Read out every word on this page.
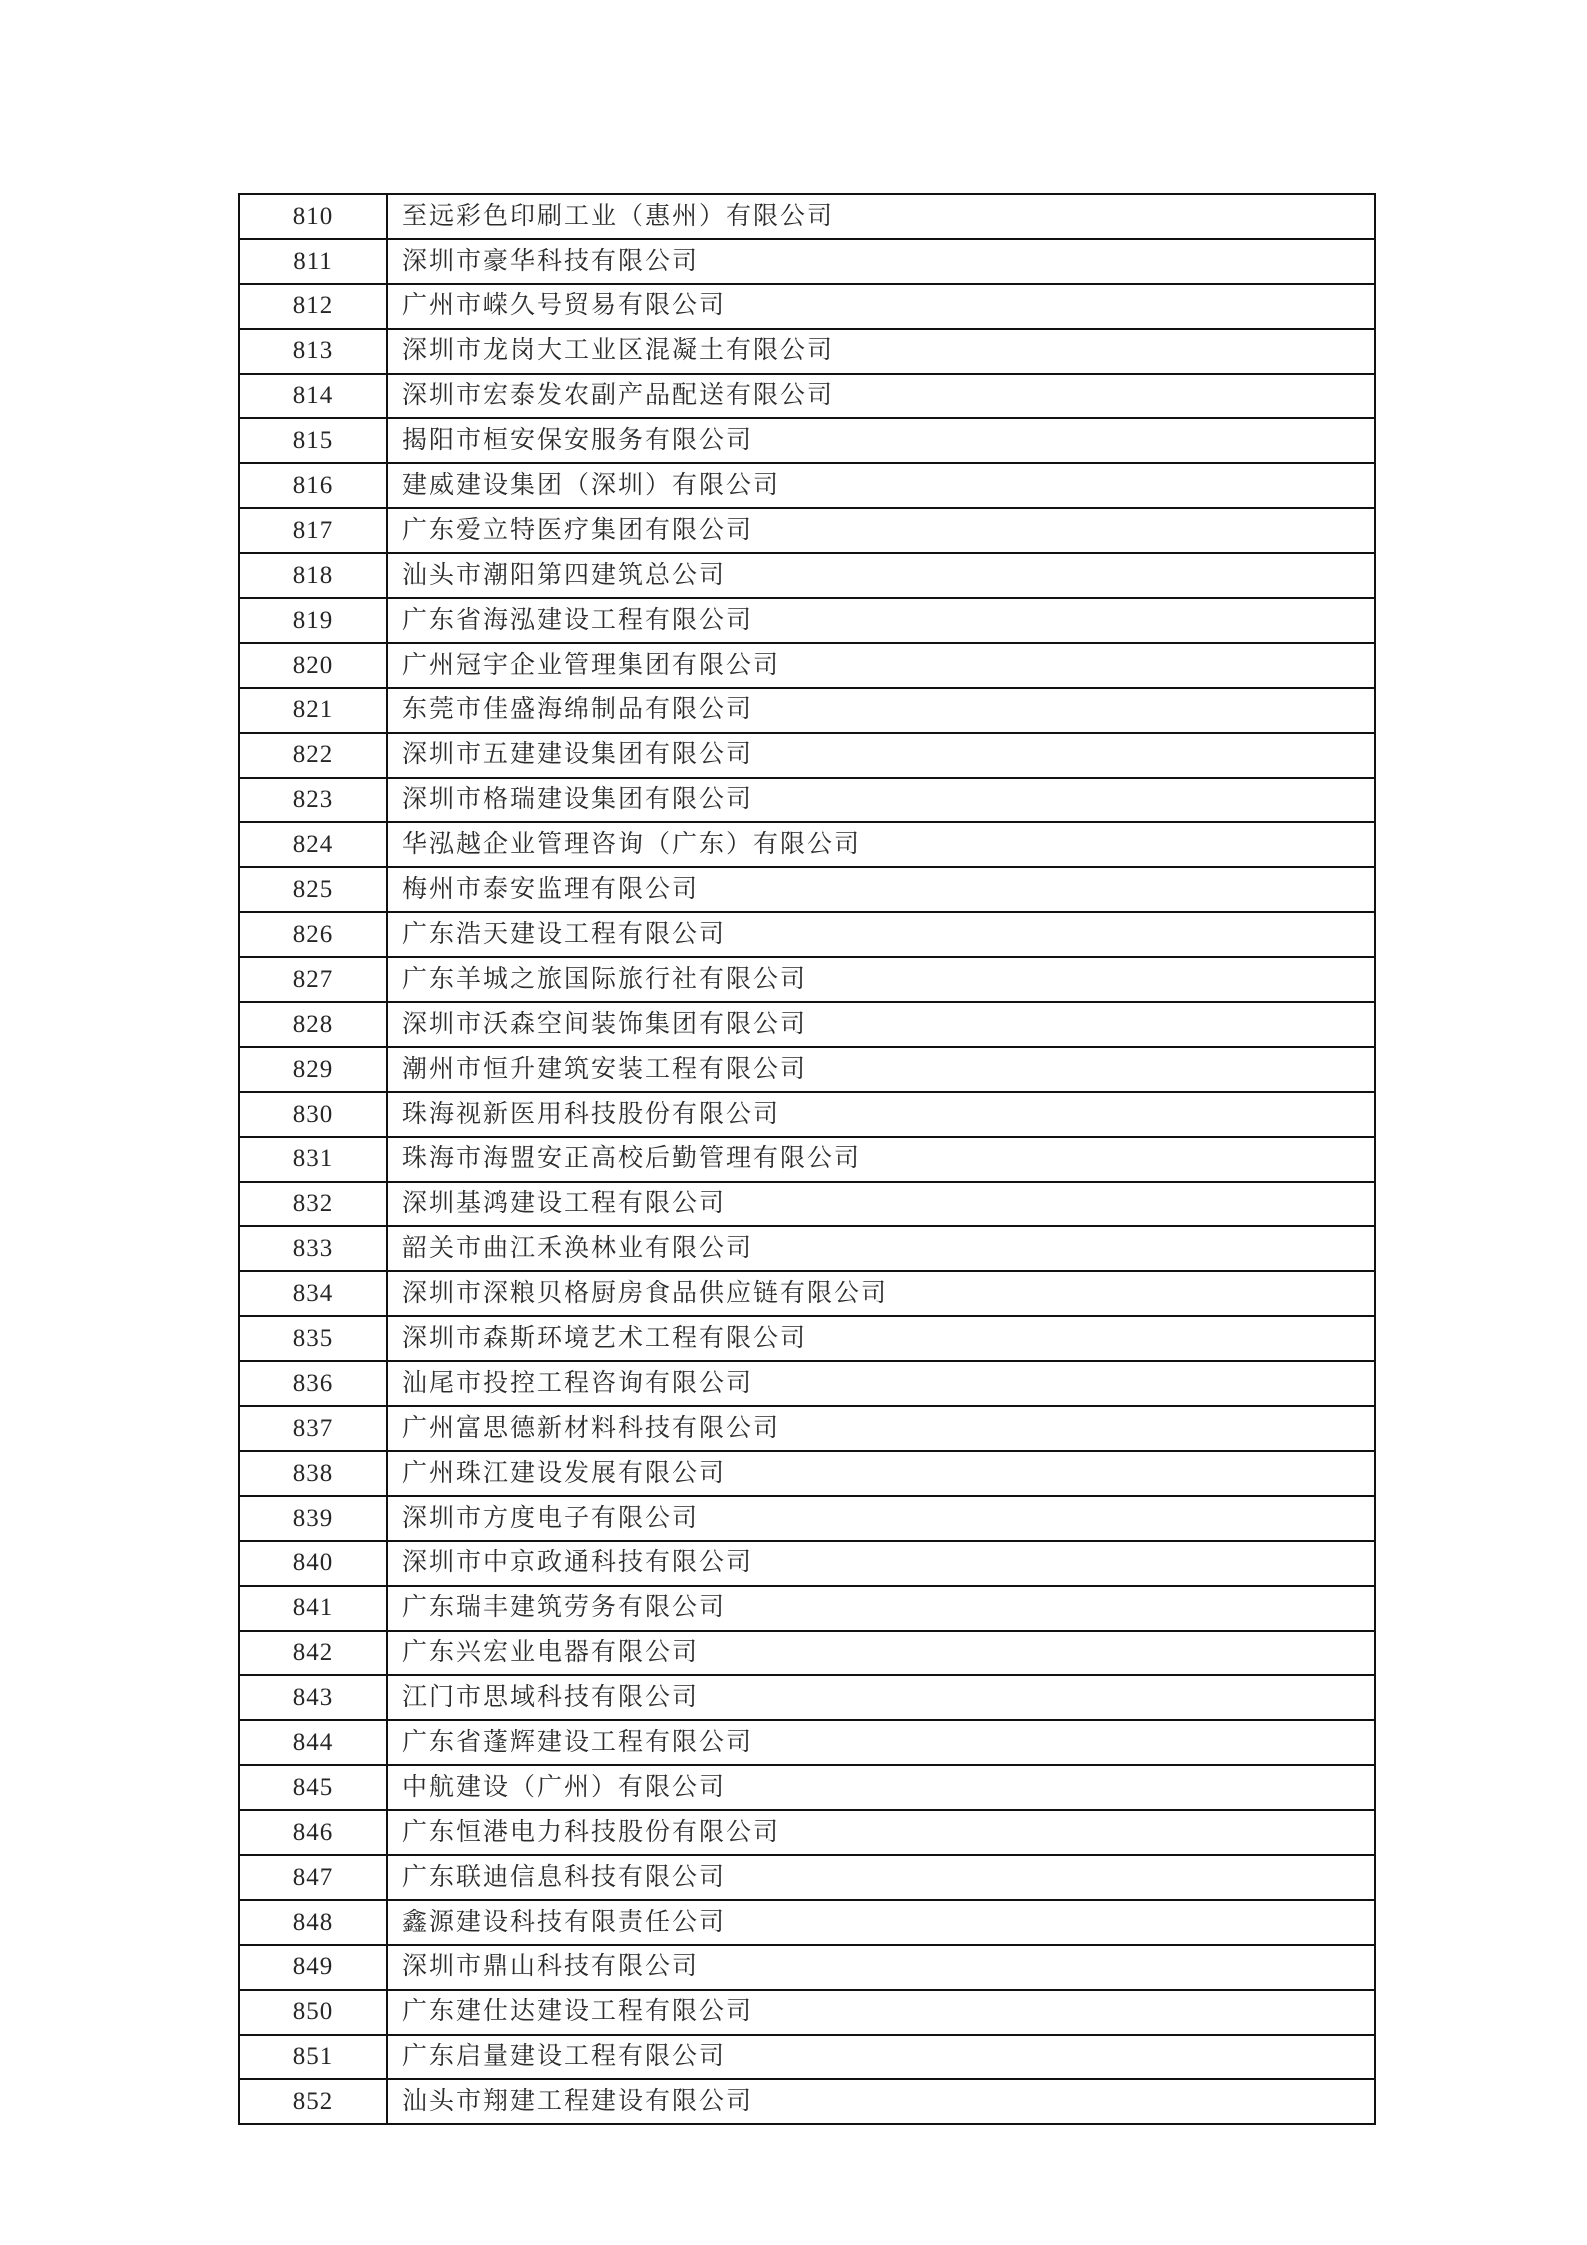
810	至远彩色印刷工业（惠州）有限公司
811	深圳市豪华科技有限公司
812	广州市嵘久号贸易有限公司
813	深圳市龙岗大工业区混凝土有限公司
814	深圳市宏泰发农副产品配送有限公司
815	揭阳市桓安保安服务有限公司
816	建威建设集团（深圳）有限公司
817	广东爱立特医疗集团有限公司
818	汕头市潮阳第四建筑总公司
819	广东省海泓建设工程有限公司
820	广州冠宇企业管理集团有限公司
821	东莞市佳盛海绵制品有限公司
822	深圳市五建建设集团有限公司
823	深圳市格瑞建设集团有限公司
824	华泓越企业管理咨询（广东）有限公司
825	梅州市泰安监理有限公司
826	广东浩天建设工程有限公司
827	广东羊城之旅国际旅行社有限公司
828	深圳市沃森空间装饰集团有限公司
829	潮州市恒升建筑安装工程有限公司
830	珠海视新医用科技股份有限公司
831	珠海市海盟安正高校后勤管理有限公司
832	深圳基鸿建设工程有限公司
833	韶关市曲江禾涣林业有限公司
834	深圳市深粮贝格厨房食品供应链有限公司
835	深圳市森斯环境艺术工程有限公司
836	汕尾市投控工程咨询有限公司
837	广州富思德新材料科技有限公司
838	广州珠江建设发展有限公司
839	深圳市方度电子有限公司
840	深圳市中京政通科技有限公司
841	广东瑞丰建筑劳务有限公司
842	广东兴宏业电器有限公司
843	江门市思域科技有限公司
844	广东省蓬辉建设工程有限公司
845	中航建设（广州）有限公司
846	广东恒港电力科技股份有限公司
847	广东联迪信息科技有限公司
848	鑫源建设科技有限责任公司
849	深圳市鼎山科技有限公司
850	广东建仕达建设工程有限公司
851	广东启量建设工程有限公司
852	汕头市翔建工程建设有限公司
